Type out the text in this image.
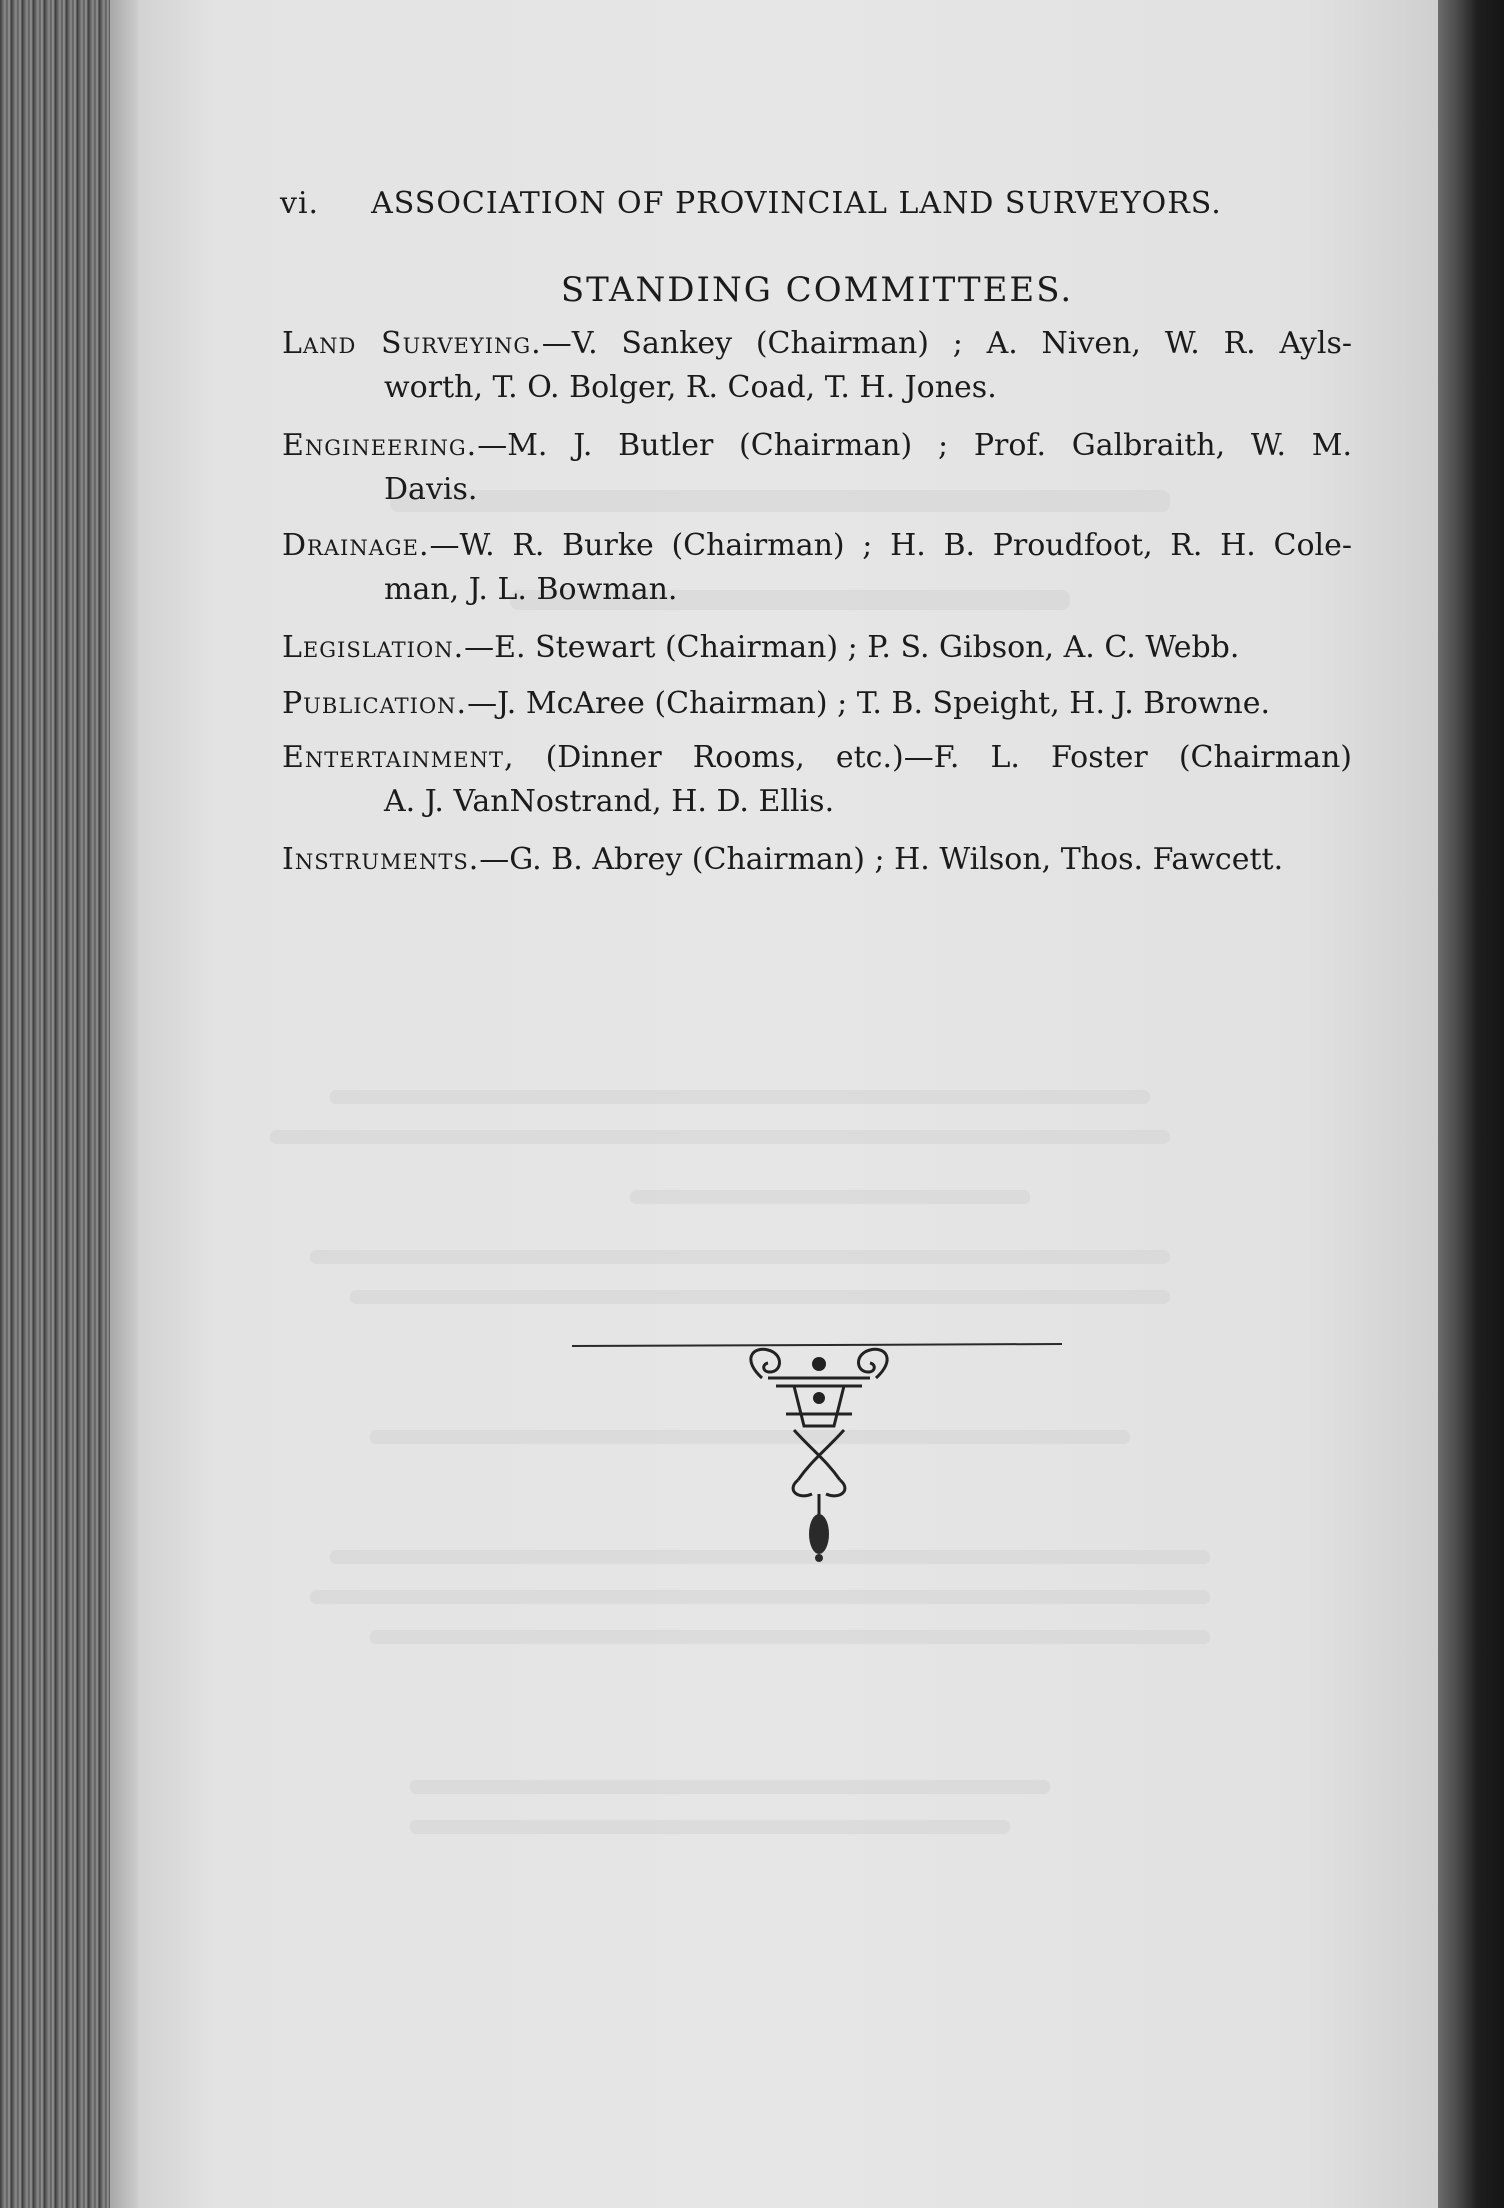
vi. ASSOCIATION OF PROVINCIAL LAND SURVEYORS.
STANDING COMMITTEES.
Land Surveying.—V. Sankey (Chairman) ; A. Niven, W. R. Ayls-
worth, T. O. Bolger, R. Coad, T. H. Jones.
Engineering.—M. J. Butler (Chairman) ; Prof. Galbraith, W. M.
Davis.
Drainage.—W. R. Burke (Chairman) ; H. B. Proudfoot, R. H. Cole-
man, J. L. Bowman.
Legislation.—E. Stewart (Chairman) ; P. S. Gibson, A. C. Webb.
Publication.—J. McAree (Chairman) ; T. B. Speight, H. J. Browne.
Entertainment, (Dinner Rooms, etc.)—F. L. Foster (Chairman)
A. J. VanNostrand, H. D. Ellis.
Instruments.—G. B. Abrey (Chairman) ; H. Wilson, Thos. Fawcett.
